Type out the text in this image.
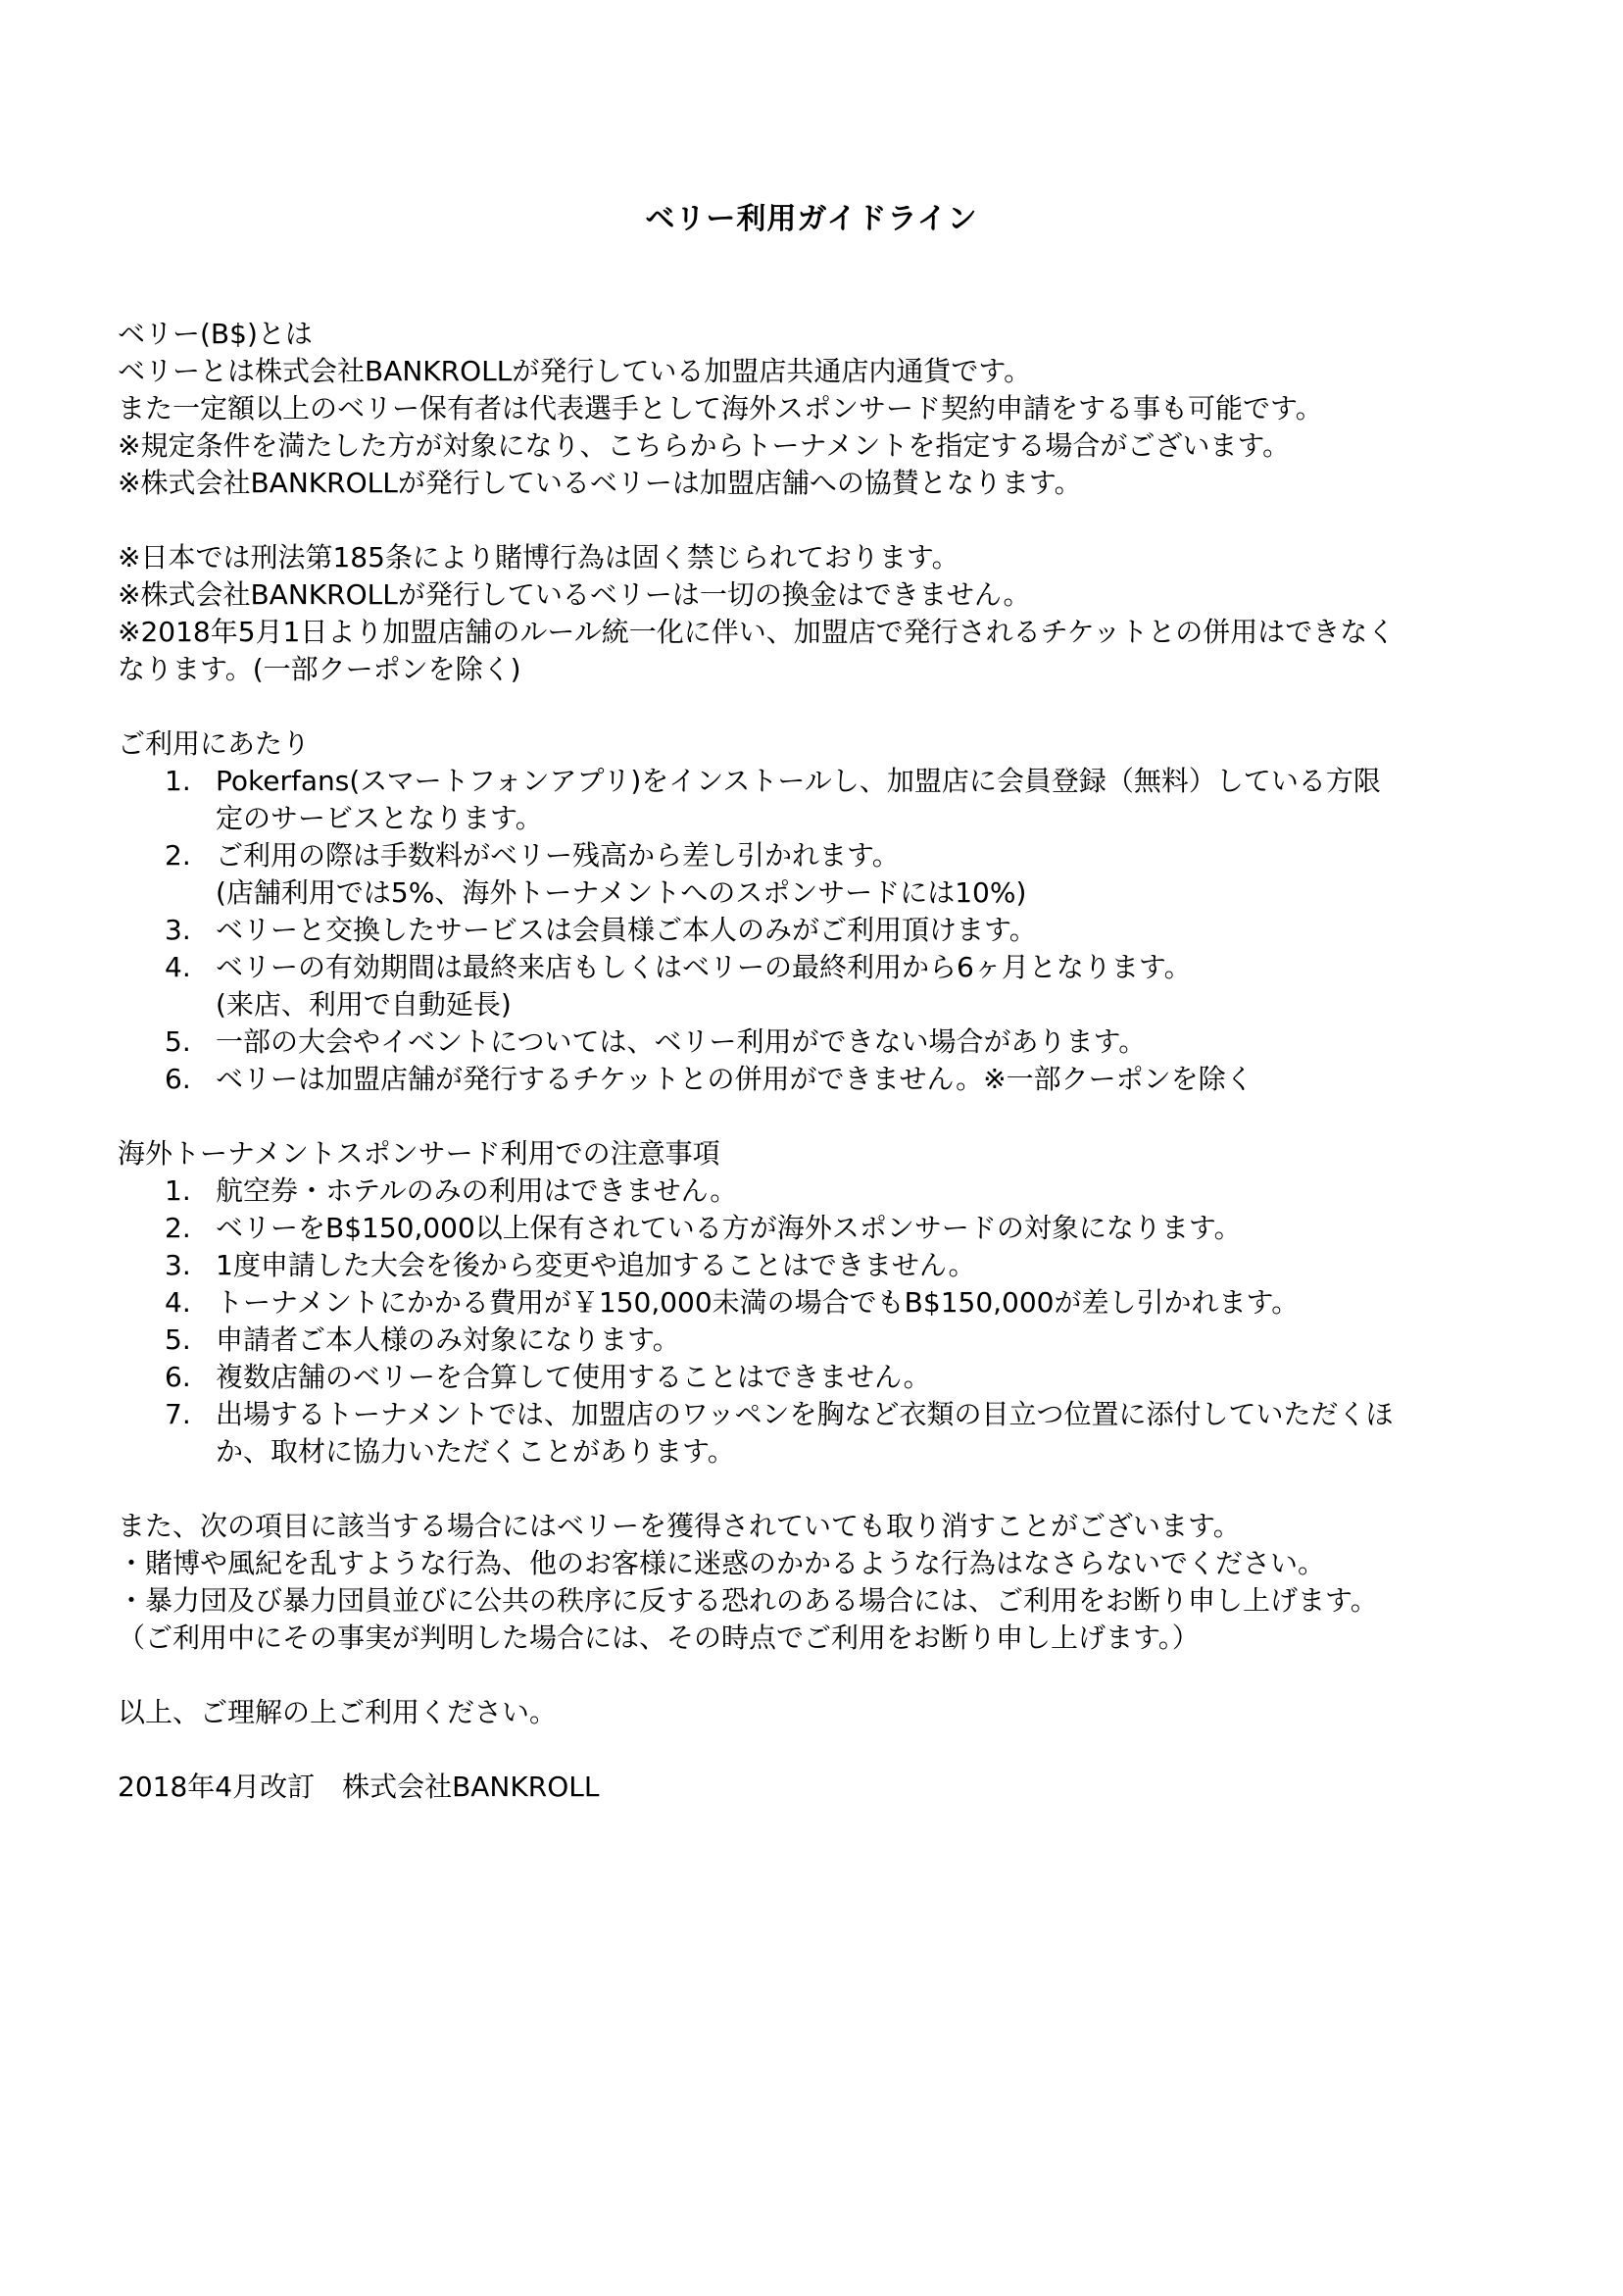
ベリー利用ガイドライン
ベリー(B$)とは
ベリーとは株式会社BANKROLLが発行している加盟店共通店内通貨です。
また一定額以上のベリー保有者は代表選手として海外スポンサード契約申請をする事も可能です。
※規定条件を満たした方が対象になり、こちらからトーナメントを指定する場合がございます。
※株式会社BANKROLLが発行しているベリーは加盟店舗への協賛となります。
※日本では刑法第185条により賭博行為は固く禁じられております。
※株式会社BANKROLLが発行しているベリーは一切の換金はできません。
※2018年5月1日より加盟店舗のルール統一化に伴い、加盟店で発行されるチケットとの併用はできなく
なります。(一部クーポンを除く)
ご利用にあたり
1. Pokerfans(スマートフォンアプリ)をインストールし、加盟店に会員登録（無料）している方限
定のサービスとなります。
2. ご利用の際は手数料がベリー残高から差し引かれます。
(店舗利用では5%、海外トーナメントへのスポンサードには10%)
3. ベリーと交換したサービスは会員様ご本人のみがご利用頂けます。
4. ベリーの有効期間は最終来店もしくはベリーの最終利用から6ヶ月となります。
(来店、利用で自動延長)
5. 一部の大会やイベントについては、ベリー利用ができない場合があります。
6. ベリーは加盟店舗が発行するチケットとの併用ができません。※一部クーポンを除く
海外トーナメントスポンサード利用での注意事項
1. 航空券・ホテルのみの利用はできません。
2. ベリーをB$150,000以上保有されている方が海外スポンサードの対象になります。
3. 1度申請した大会を後から変更や追加することはできません。
4. トーナメントにかかる費用が￥150,000未満の場合でもB$150,000が差し引かれます。
5. 申請者ご本人様のみ対象になります。
6. 複数店舗のベリーを合算して使用することはできません。
7. 出場するトーナメントでは、加盟店のワッペンを胸など衣類の目立つ位置に添付していただくほ
か、取材に協力いただくことがあります。
また、次の項目に該当する場合にはベリーを獲得されていても取り消すことがございます。
・賭博や風紀を乱すような行為、他のお客様に迷惑のかかるような行為はなさらないでください。
・暴力団及び暴力団員並びに公共の秩序に反する恐れのある場合には、ご利用をお断り申し上げます。
（ご利用中にその事実が判明した場合には、その時点でご利用をお断り申し上げます。）
以上、ご理解の上ご利用ください。
2018年4月改訂　株式会社BANKROLL
